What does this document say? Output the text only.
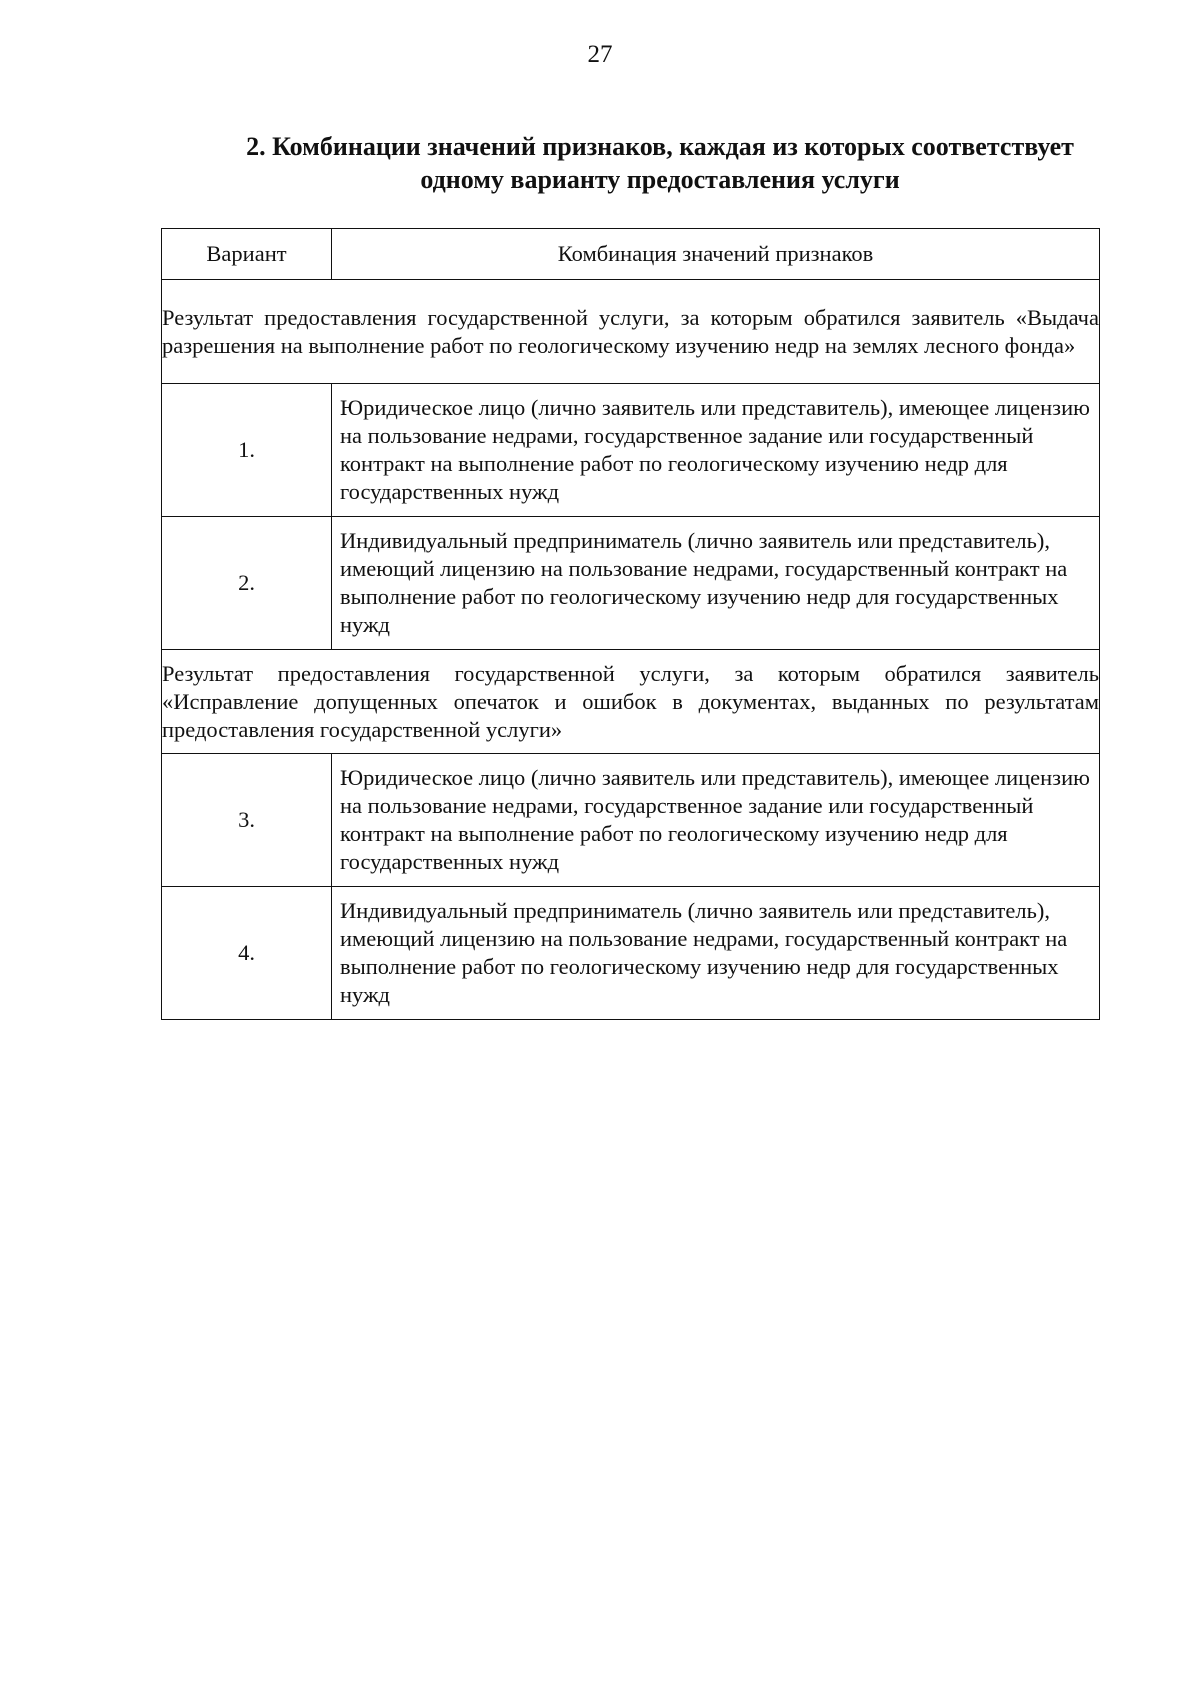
27
2. Комбинации значений признаков, каждая из которых соответствует
одному варианту предоставления услуги
Вариант	Комбинация значений признаков
Результат предоставления государственной услуги, за которым обратился заявитель «Выдача разрешения на выполнение работ по геологическому изучению недр на землях лесного фонда»	
1.	Юридическое лицо (лично заявитель или представитель), имеющее лицензию на пользование недрами, государственное задание или государственный контракт на выполнение работ по геологическому изучению недр для государственных нужд
2.	Индивидуальный предприниматель (лично заявитель или представитель), имеющий лицензию на пользование недрами, государственный контракт на выполнение работ по геологическому изучению недр для государственных нужд
Результат предоставления государственной услуги, за которым обратился заявитель «Исправление допущенных опечаток и ошибок в документах, выданных по результатам предоставления государственной услуги»	
3.	Юридическое лицо (лично заявитель или представитель), имеющее лицензию на пользование недрами, государственное задание или государственный контракт на выполнение работ по геологическому изучению недр для государственных нужд
4.	Индивидуальный предприниматель (лично заявитель или представитель), имеющий лицензию на пользование недрами, государственный контракт на выполнение работ по геологическому изучению недр для государственных нужд
